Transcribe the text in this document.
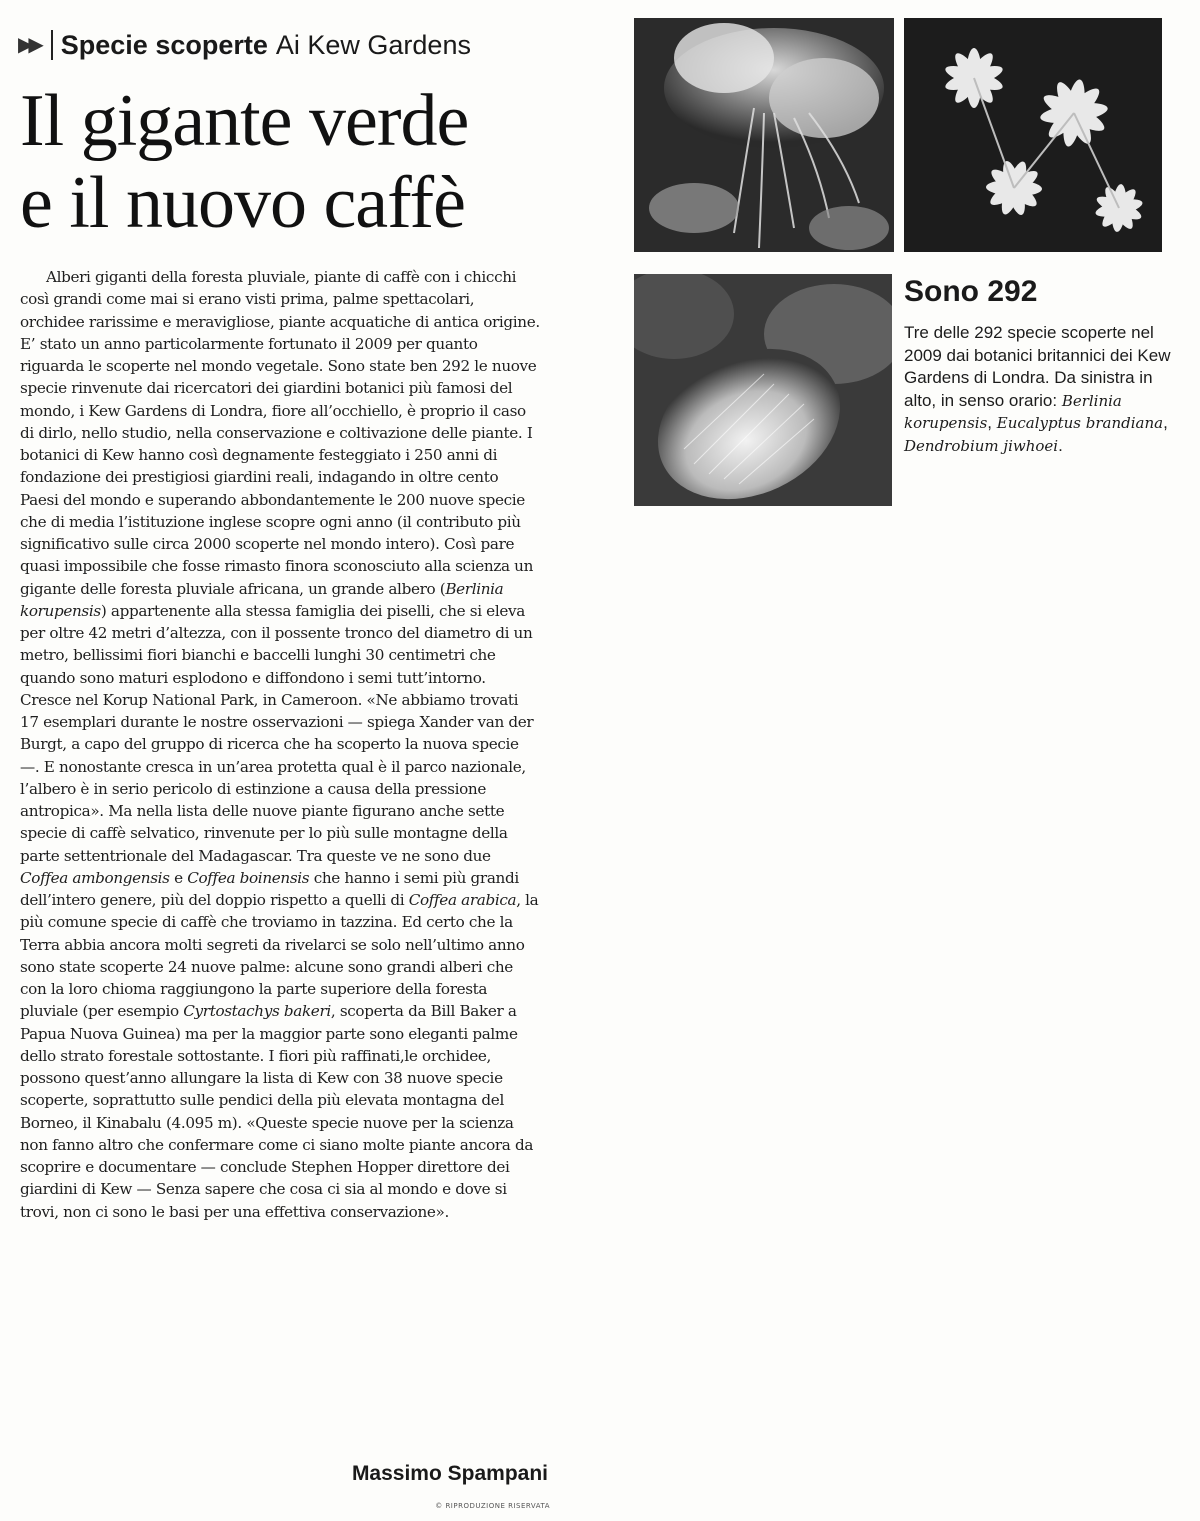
▶▶ Specie scoperte Ai Kew Gardens
Il gigante verde
e il nuovo caffè

Alberi giganti della foresta pluviale, piante di caffè con i chicchi così grandi come mai si erano visti prima, palme spettacolari, orchidee rarissime e meravigliose, piante acquatiche di antica origine. E’ stato un anno particolarmente fortunato il 2009 per quanto riguarda le scoperte nel mondo vegetale. Sono state ben 292 le nuove specie rinvenute dai ricercatori dei giardini botanici più famosi del mondo, i Kew Gardens di Londra, fiore all’occhiello, è proprio il caso di dirlo, nello studio, nella conservazione e coltivazione delle piante. I botanici di Kew hanno così degnamente festeggiato i 250 anni di fondazione dei prestigiosi giardini reali, indagando in oltre cento Paesi del mondo e superando abbondantemente le 200 nuove specie che di media l’istituzione inglese scopre ogni anno (il contributo più significativo sulle circa 2000 scoperte nel mondo intero). Così pare quasi impossibile che fosse rimasto finora sconosciuto alla scienza un gigante delle foresta pluviale africana, un grande albero (Berlinia korupensis) appartenente alla stessa famiglia dei piselli, che si eleva per oltre 42 metri d’altezza, con il possente tronco del diametro di un metro, bellissimi fiori bianchi e baccelli lunghi 30 centimetri che quando sono maturi esplodono e diffondono i semi tutt’intorno. Cresce nel Korup National Park, in Cameroon. «Ne abbiamo trovati 17 esemplari durante le nostre osservazioni — spiega Xander van der Burgt, a capo del gruppo di ricerca che ha scoperto la nuova specie —. E nonostante cresca in un’area protetta qual è il parco nazionale, l’albero è in serio pericolo di estinzione a causa della pressione antropica». Ma nella lista delle nuove piante figurano anche sette specie di caffè selvatico, rinvenute per lo più sulle montagne della parte settentrionale del Madagascar. Tra queste ve ne sono due Coffea ambongensis e Coffea boinensis che hanno i semi più grandi dell’intero genere, più del doppio rispetto a quelli di Coffea arabica, la più comune specie di caffè che troviamo in tazzina. Ed certo che la Terra abbia ancora molti segreti da rivelarci se solo nell’ultimo anno sono state scoperte 24 nuove palme: alcune sono grandi alberi che con la loro chioma raggiungono la parte superiore della foresta pluviale (per esempio Cyrtostachys bakeri, scoperta da Bill Baker a Papua Nuova Guinea) ma per la maggior parte sono eleganti palme dello strato forestale sottostante. I fiori più raffinati,le orchidee, possono quest’anno allungare la lista di Kew con 38 nuove specie scoperte, soprattutto sulle pendici della più elevata montagna del Borneo, il Kinabalu (4.095 m). «Queste specie nuove per la scienza non fanno altro che confermare come ci siano molte piante ancora da scoprire e documentare — conclude Stephen Hopper direttore dei giardini di Kew — Senza sapere che cosa ci sia al mondo e dove si trovi, non ci sono le basi per una effettiva conservazione».

Massimo Spampani
© RIPRODUZIONE RISERVATA
Sono 292

Tre delle 292 specie scoperte nel 2009 dai botanici britannici dei Kew Gardens di Londra. Da sinistra in alto, in senso orario: Berlinia korupensis, Eucalyptus brandiana, Dendrobium jiwhoei.
